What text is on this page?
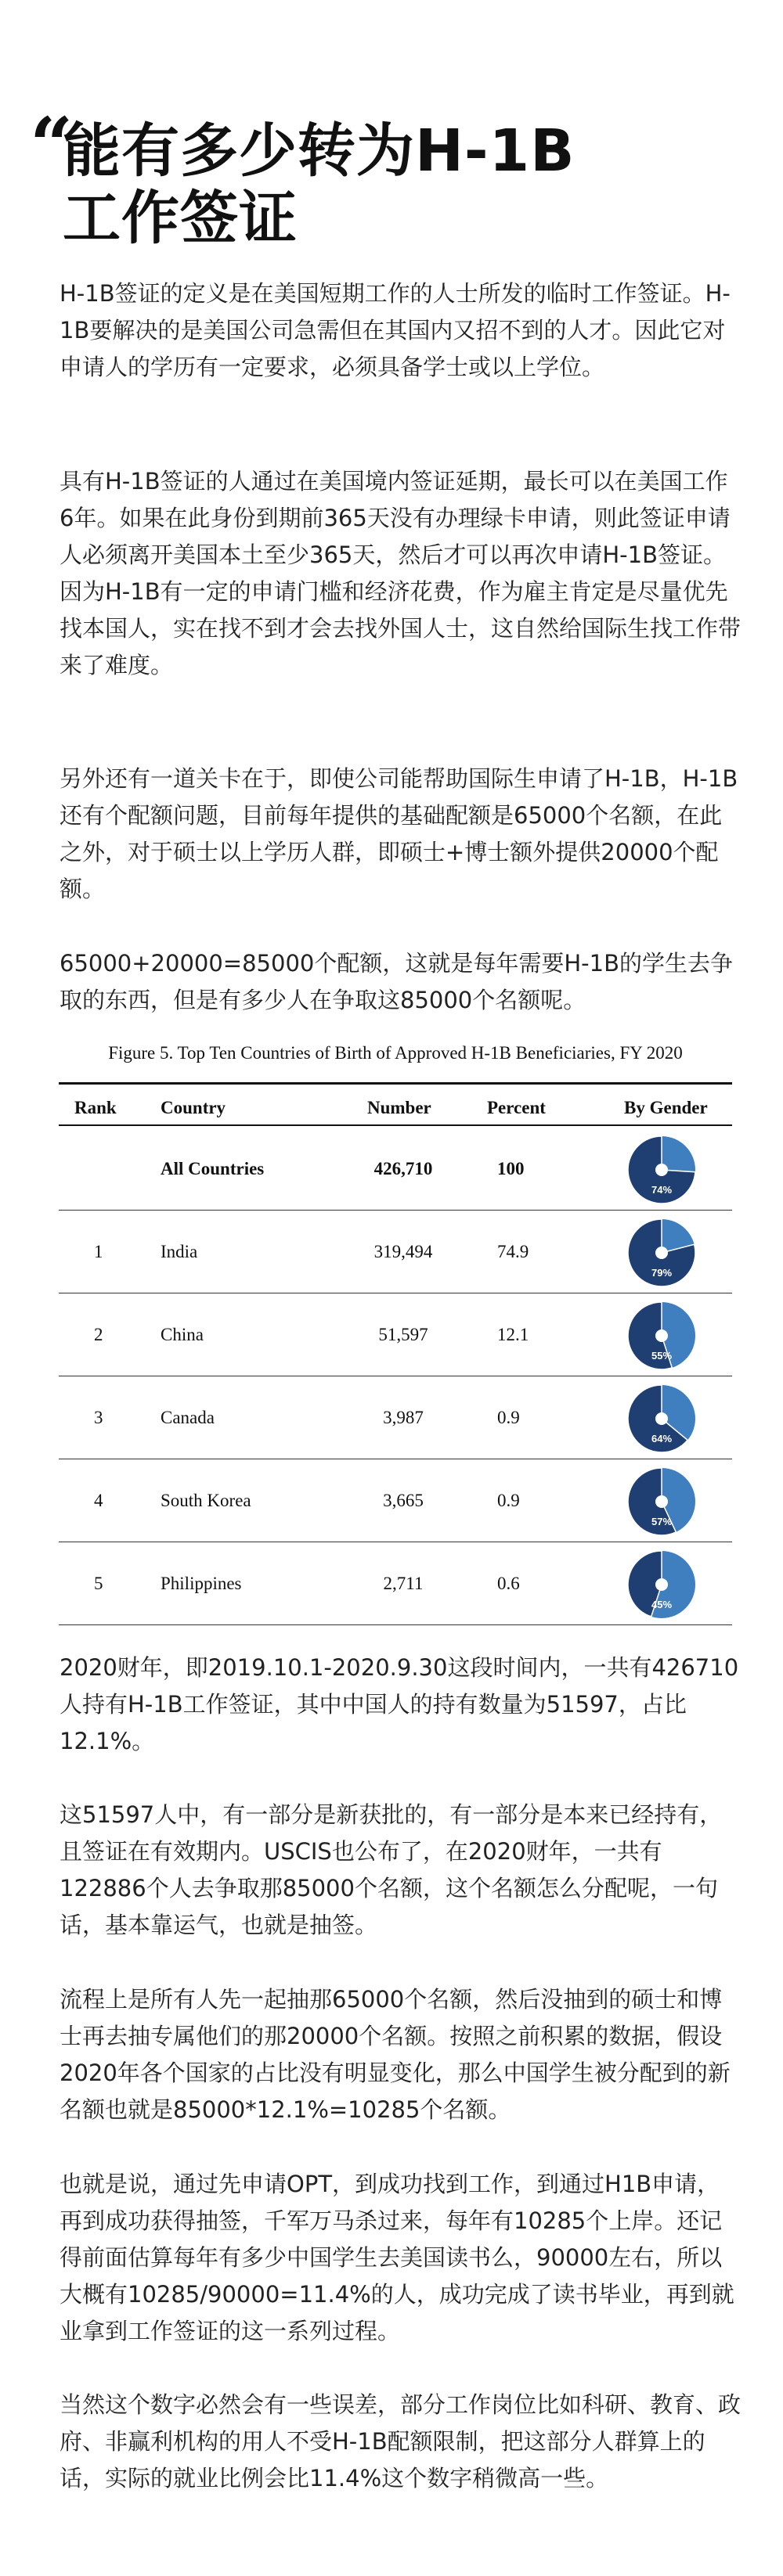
“
能有多少转为H-1B
工作签证

H-1B签证的定义是在美国短期工作的人士所发的临时工作签证。H-1B要解决的是美国公司急需但在其国内又招不到的人才。因此它对申请人的学历有一定要求，必须具备学士或以上学位。

具有H-1B签证的人通过在美国境内签证延期，最长可以在美国工作6年。如果在此身份到期前365天没有办理绿卡申请，则此签证申请人必须离开美国本土至少365天，然后才可以再次申请H-1B签证。因为H-1B有一定的申请门槛和经济花费，作为雇主肯定是尽量优先找本国人，实在找不到才会去找外国人士，这自然给国际生找工作带来了难度。

另外还有一道关卡在于，即使公司能帮助国际生申请了H-1B，H-1B还有个配额问题，目前每年提供的基础配额是65000个名额，在此之外，对于硕士以上学历人群，即硕士+博士额外提供20000个配额。

65000+20000=85000个配额，这就是每年需要H-1B的学生去争取的东西，但是有多少人在争取这85000个名额呢。

Figure 5. Top Ten Countries of Birth of Approved H-1B Beneficiaries, FY 2020
Rank Country	Number	Percent	By Gender
All Countries	426,710	100
74%
1	India	319,494	74.9
79%
2	China	51,597	12.1
55%
3	Canada	3,987	0.9
64%
4	South Korea	3,665	0.9
57%
5	Philippines	2,711	0.6
45%

2020财年，即2019.10.1-2020.9.30这段时间内，一共有426710人持有H-1B工作签证，其中中国人的持有数量为51597，占比12.1%。

这51597人中，有一部分是新获批的，有一部分是本来已经持有，且签证在有效期内。USCIS也公布了，在2020财年，一共有122886个人去争取那85000个名额，这个名额怎么分配呢，一句话，基本靠运气，也就是抽签。

流程上是所有人先一起抽那65000个名额，然后没抽到的硕士和博士再去抽专属他们的那20000个名额。按照之前积累的数据，假设2020年各个国家的占比没有明显变化，那么中国学生被分配到的新名额也就是85000*12.1%=10285个名额。

也就是说，通过先申请OPT，到成功找到工作，到通过H1B申请，再到成功获得抽签，千军万马杀过来，每年有10285个上岸。还记得前面估算每年有多少中国学生去美国读书么，90000左右，所以大概有10285/90000=11.4%的人，成功完成了读书毕业，再到就业拿到工作签证的这一系列过程。

当然这个数字必然会有一些误差，部分工作岗位比如科研、教育、政府、非赢利机构的用人不受H-1B配额限制，把这部分人群算上的话，实际的就业比例会比11.4%这个数字稍微高一些。
